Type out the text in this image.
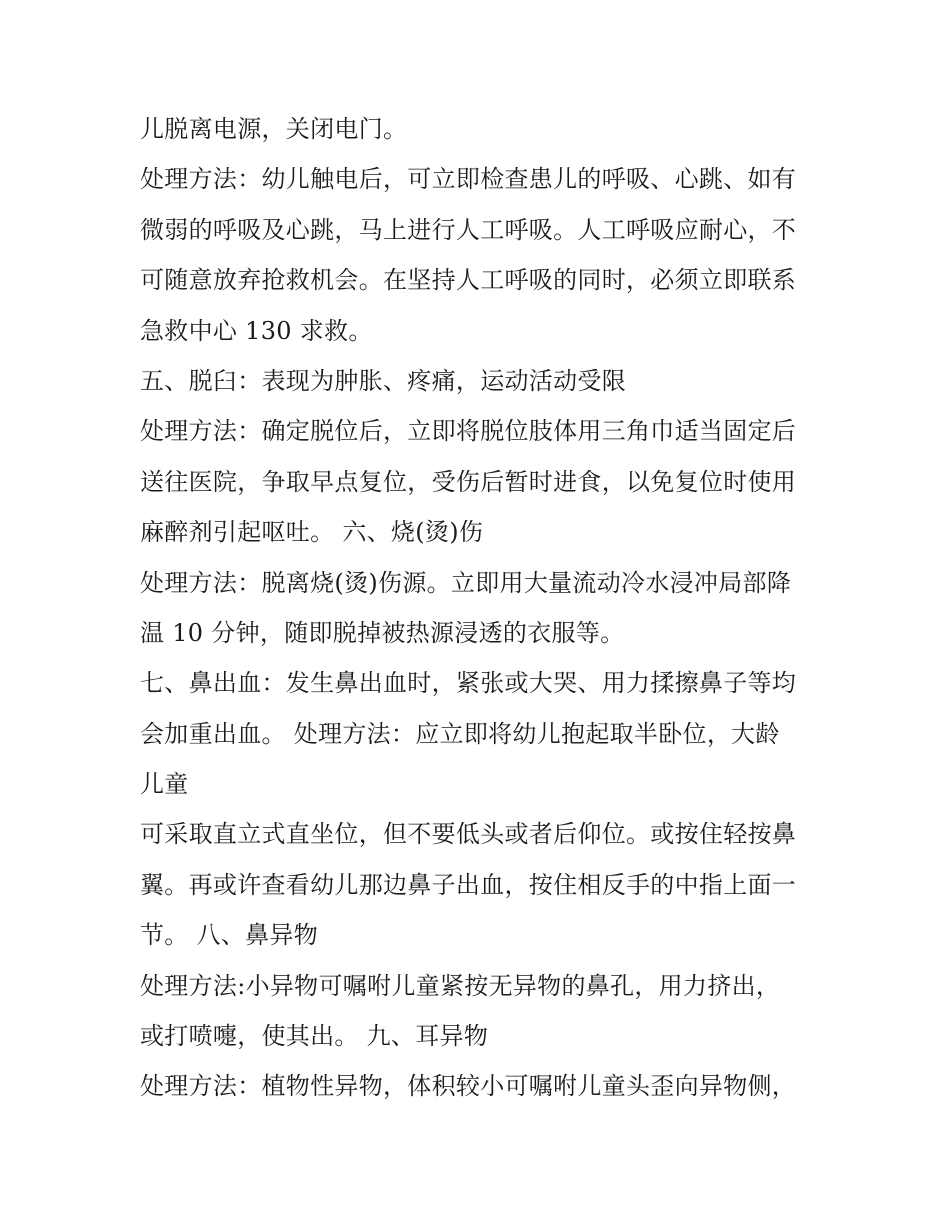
儿脱离电源，关闭电门。
处理方法：幼儿触电后，可立即检查患儿的呼吸、心跳、如有
微弱的呼吸及心跳，马上进行人工呼吸。人工呼吸应耐心，不
可随意放弃抢救机会。在坚持人工呼吸的同时，必须立即联系
急救中心 130 求救。
五、脱臼：表现为肿胀、疼痛，运动活动受限
处理方法：确定脱位后，立即将脱位肢体用三角巾适当固定后
送往医院，争取早点复位，受伤后暂时进食，以免复位时使用
麻醉剂引起呕吐。 六、烧(烫)伤
处理方法：脱离烧(烫)伤源。立即用大量流动冷水浸冲局部降
温 10 分钟，随即脱掉被热源浸透的衣服等。
七、鼻出血：发生鼻出血时，紧张或大哭、用力揉擦鼻子等均
会加重出血。 处理方法：应立即将幼儿抱起取半卧位，大龄
儿童
可采取直立式直坐位，但不要低头或者后仰位。或按住轻按鼻
翼。再或许查看幼儿那边鼻子出血，按住相反手的中指上面一
节。 八、鼻异物
处理方法:小异物可嘱咐儿童紧按无异物的鼻孔，用力挤出，
或打喷嚏，使其出。 九、耳异物
处理方法：植物性异物，体积较小可嘱咐儿童头歪向异物侧，
